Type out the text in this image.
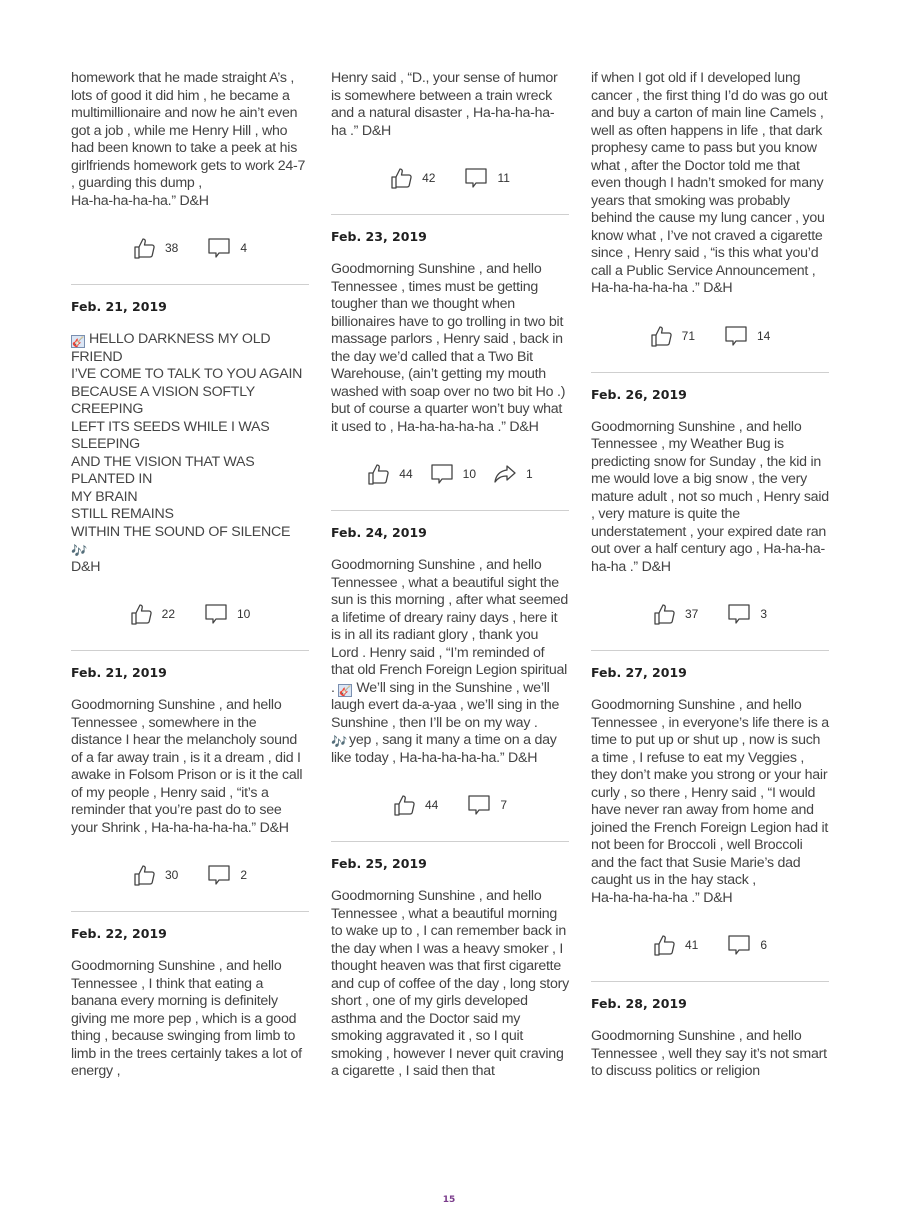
homework that he made straight A’s , lots of good it did him , he became a multimillionaire and now he ain’t even got a job , while me Henry Hill , who had been known to take a peek at his girlfriends homework gets to work 24-7 , guarding this dump ,
Ha-ha-ha-ha-ha.” D&H

38	4
Feb. 21, 2019

🎸 HELLO DARKNESS MY OLD FRIEND
I’VE COME TO TALK TO YOU AGAIN
BECAUSE A VISION SOFTLY CREEPING
LEFT ITS SEEDS WHILE I WAS SLEEPING
AND THE VISION THAT WAS PLANTED IN
MY BRAIN
STILL REMAINS
WITHIN THE SOUND OF SILENCE
🎶
D&H

22	10
Feb. 21, 2019

Goodmorning Sunshine , and hello Tennessee , somewhere in the distance I hear the melancholy sound of a far away train , is it a dream , did I awake in Folsom Prison or is it the call of my people , Henry said , “it’s a reminder that you’re past do to see your Shrink , Ha-ha-ha-ha-ha.” D&H

30	2
Feb. 22, 2019

Goodmorning Sunshine , and hello Tennessee , I think that eating a banana every morning is definitely giving me more pep , which is a good thing , because swinging from limb to limb in the trees certainly takes a lot of energy ,

Henry said , “D., your sense of humor is somewhere between a train wreck and a natural disaster , Ha-ha-ha-ha-ha .” D&H

42	11
Feb. 23, 2019

Goodmorning Sunshine , and hello Tennessee , times must be getting tougher than we thought when billionaires have to go trolling in two bit massage parlors , Henry said , back in the day we’d called that a Two Bit Warehouse, (ain’t getting my mouth washed with soap over no two bit Ho .) but of course a quarter won’t buy what it used to , Ha-ha-ha-ha-ha .” D&H

44	10	1
Feb. 24, 2019

Goodmorning Sunshine , and hello Tennessee , what a beautiful sight the sun is this morning , after what seemed a lifetime of dreary rainy days , here it is in all its radiant glory , thank you Lord . Henry said , “I’m reminded of that old French Foreign Legion spiritual . 🎸 We’ll sing in the Sunshine , we’ll laugh evert da-a-yaa , we’ll sing in the Sunshine , then I’ll be on my way .
🎶 yep , sang it many a time on a day like today , Ha-ha-ha-ha-ha.” D&H

44	7
Feb. 25, 2019

Goodmorning Sunshine , and hello Tennessee , what a beautiful morning to wake up to , I can remember back in the day when I was a heavy smoker , I thought heaven was that first cigarette and cup of coffee of the day , long story short , one of my girls developed asthma and the Doctor said my smoking aggravated it , so I quit smoking , however I never quit craving a cigarette , I said then that

if when I got old if I developed lung cancer , the first thing I’d do was go out and buy a carton of main line Camels , well as often happens in life , that dark prophesy came to pass but you know what , after the Doctor told me that even though I hadn’t smoked for many years that smoking was probably behind the cause my lung cancer , you know what , I’ve not craved a cigarette since , Henry said , “is this what you’d call a Public Service Announcement , Ha-ha-ha-ha-ha .” D&H

71	14
Feb. 26, 2019

Goodmorning Sunshine , and hello Tennessee , my Weather Bug is predicting snow for Sunday , the kid in me would love a big snow , the very mature adult , not so much , Henry said , very mature is quite the understatement , your expired date ran out over a half century ago , Ha-ha-ha-ha-ha .” D&H

37	3
Feb. 27, 2019

Goodmorning Sunshine , and hello Tennessee , in everyone’s life there is a time to put up or shut up , now is such a time , I refuse to eat my Veggies , they don’t make you strong or your hair curly , so there , Henry said , “I would have never ran away from home and joined the French Foreign Legion had it not been for Broccoli , well Broccoli and the fact that Susie Marie’s dad caught us in the hay stack ,
Ha-ha-ha-ha-ha .” D&H

41	6
Feb. 28, 2019

Goodmorning Sunshine , and hello Tennessee , well they say it’s not smart to discuss politics or religion

15
